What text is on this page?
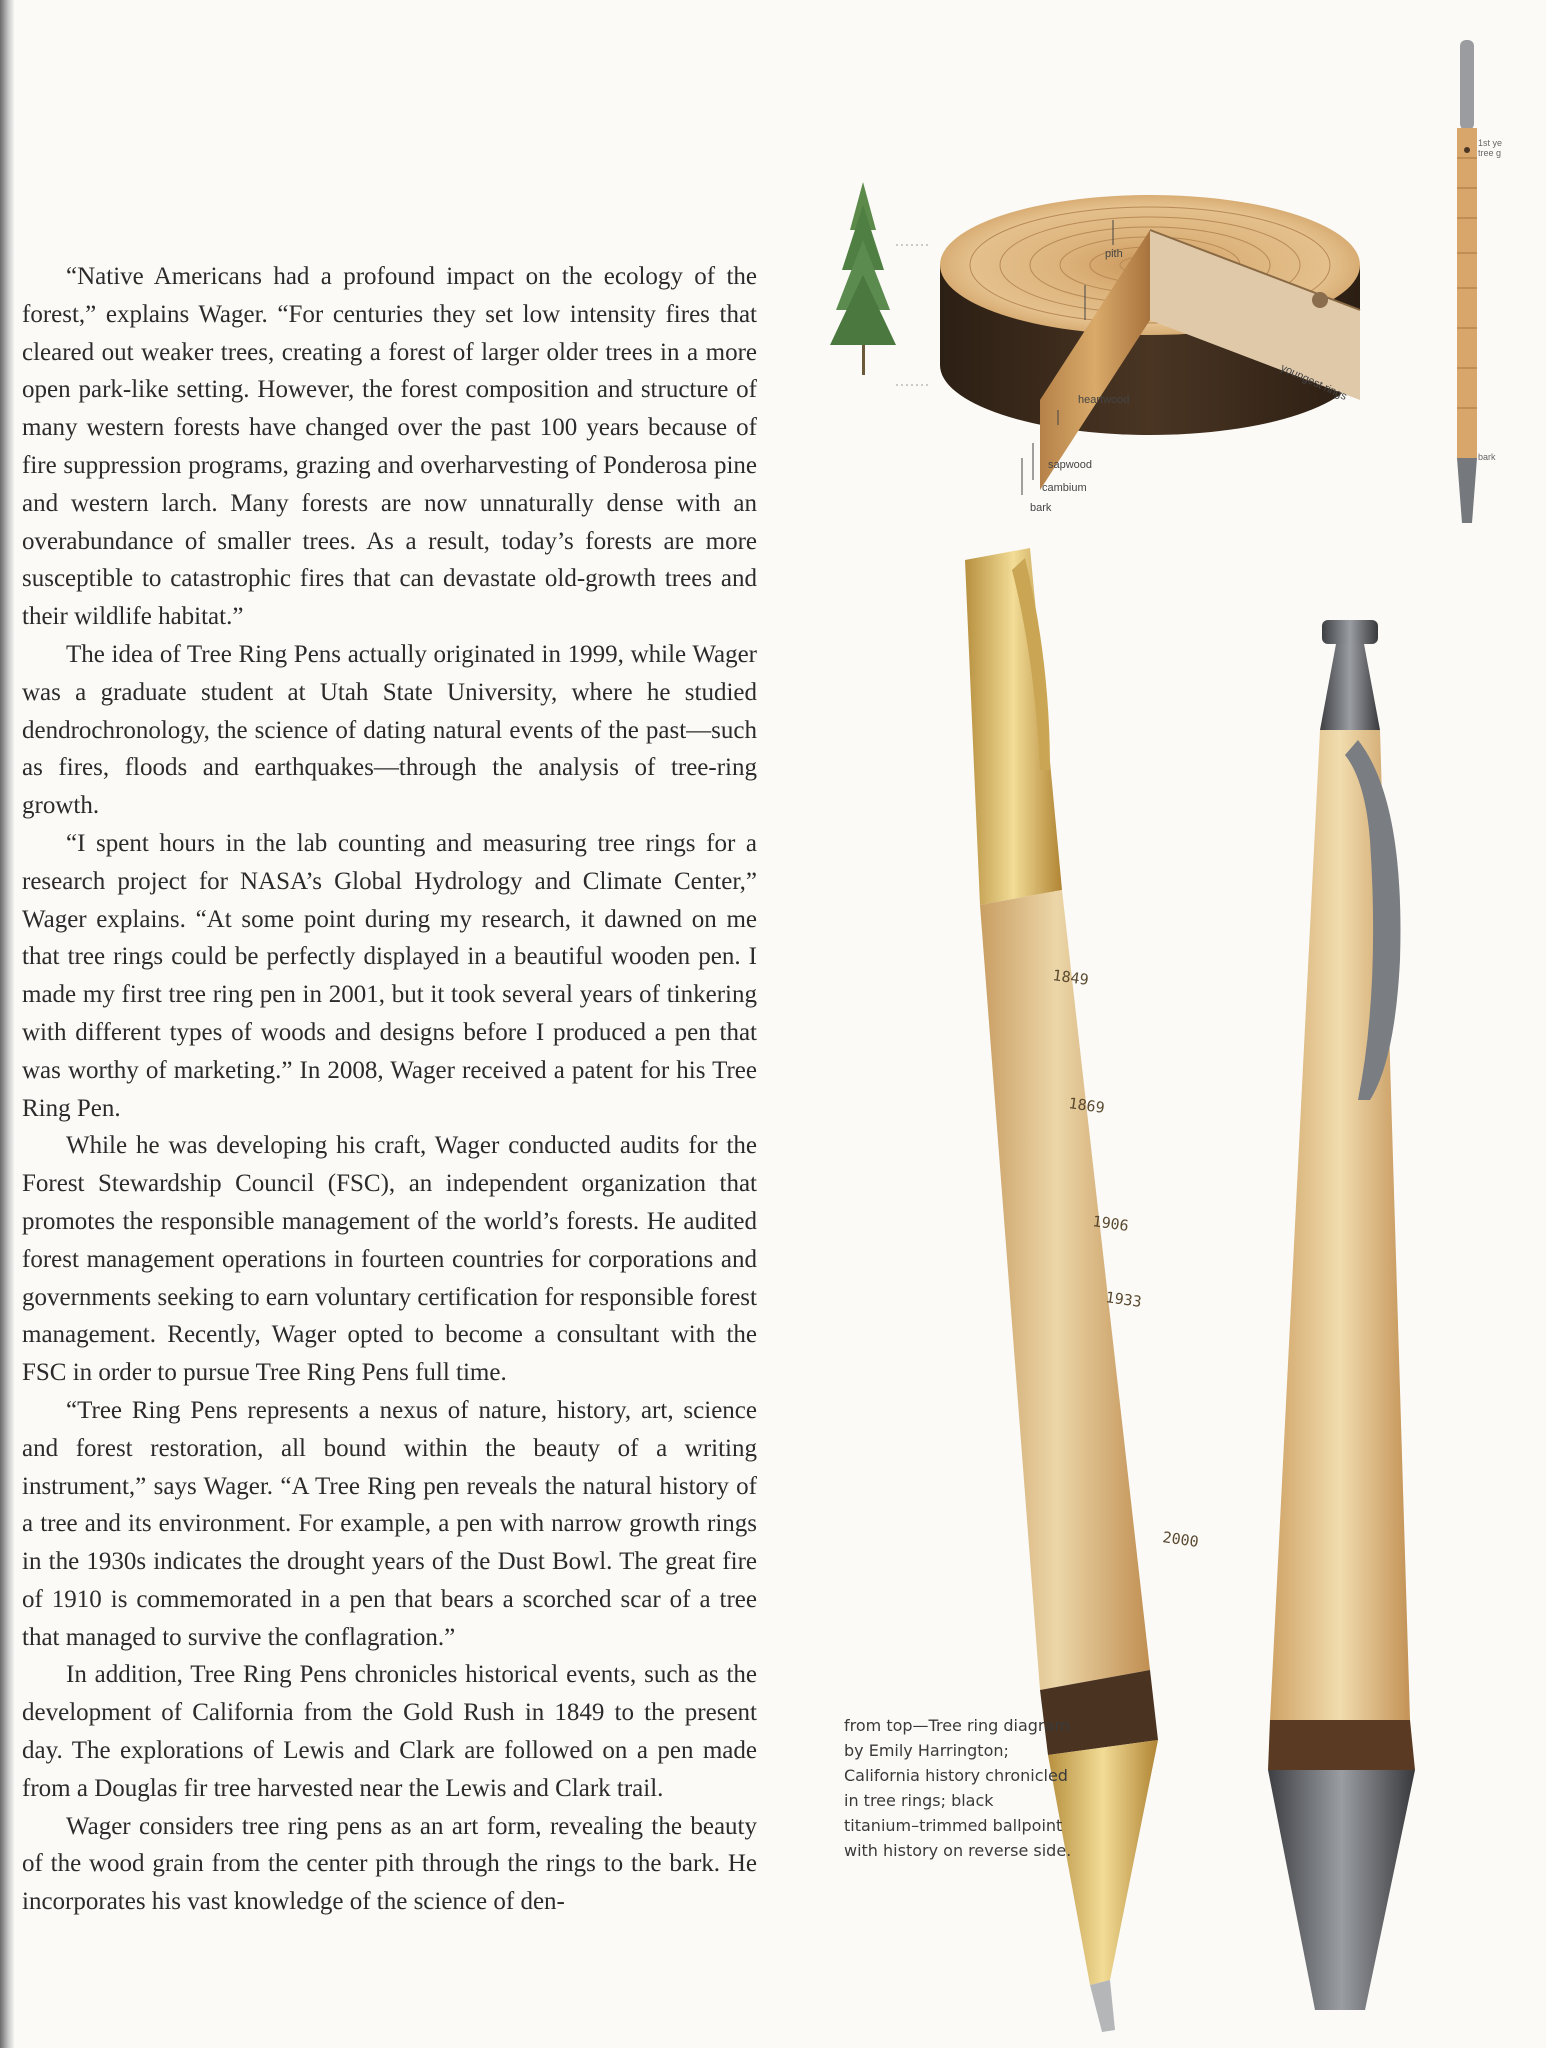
“Native Americans had a profound impact on the ecology of the forest,” explains Wager. “For centuries they set low intensity fires that cleared out weaker trees, creating a forest of larger older trees in a more open park-like setting. However, the forest composition and structure of many western forests have changed over the past 100 years because of fire suppression programs, grazing and overharvesting of Ponderosa pine and western larch. Many forests are now unnaturally dense with an overabundance of smaller trees. As a result, today’s forests are more susceptible to catastrophic fires that can devastate old-growth trees and their wildlife habitat.”

The idea of Tree Ring Pens actually originated in 1999, while Wager was a graduate student at Utah State University, where he studied dendrochronology, the science of dating natural events of the past—such as fires, floods and earthquakes—through the analysis of tree-ring growth.

“I spent hours in the lab counting and measuring tree rings for a research project for NASA’s Global Hydrology and Climate Center,” Wager explains. “At some point during my research, it dawned on me that tree rings could be perfectly displayed in a beautiful wooden pen. I made my first tree ring pen in 2001, but it took several years of tinkering with different types of woods and designs before I produced a pen that was worthy of marketing.” In 2008, Wager received a patent for his Tree Ring Pen.

While he was developing his craft, Wager conducted audits for the Forest Stewardship Council (FSC), an independent organization that promotes the responsible management of the world’s forests. He audited forest management operations in fourteen countries for corporations and governments seeking to earn voluntary certification for responsible forest management. Recently, Wager opted to become a consultant with the FSC in order to pursue Tree Ring Pens full time.

“Tree Ring Pens represents a nexus of nature, history, art, science and forest restoration, all bound within the beauty of a writing instrument,” says Wager. “A Tree Ring pen reveals the natural history of a tree and its environment. For example, a pen with narrow growth rings in the 1930s indicates the drought years of the Dust Bowl. The great fire of 1910 is commemorated in a pen that bears a scorched scar of a tree that managed to survive the conflagration.”

In addition, Tree Ring Pens chronicles historical events, such as the development of California from the Gold Rush in 1849 to the present day. The explorations of Lewis and Clark are followed on a pen made from a Douglas fir tree harvested near the Lewis and Clark trail.

Wager considers tree ring pens as an art form, revealing the beauty of the wood grain from the center pith through the rings to the bark. He incorporates his vast knowledge of the science of den-

pith
heartwood	youngest rings
sapwood
cambium
bark
1st ye
tree g
bark
1849
1869
1906
1933
2000
from top—Tree ring diagram
by Emily Harrington;
California history chronicled
in tree rings; black
titanium–trimmed ballpoint
with history on reverse side.
